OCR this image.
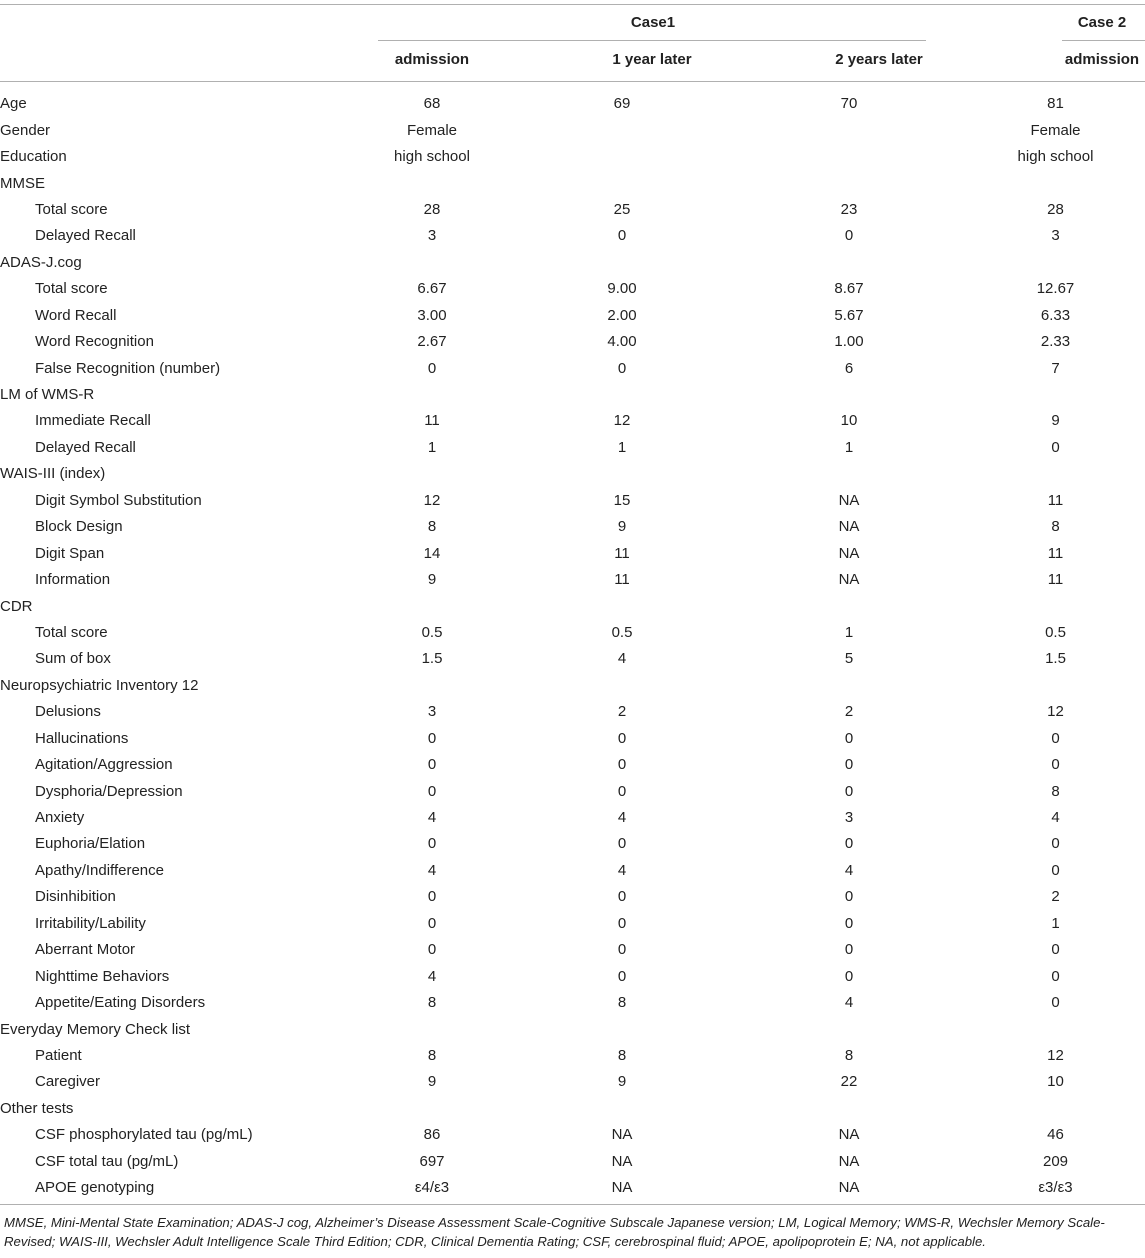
Case1	Case 2
admission	1 year later	2 years later	admission
Age	68	69	70	81
Gender	Female			Female
Education	high school			high school
MMSE				
Total score	28	25	23	28
Delayed Recall	3	0	0	3
ADAS-J.cog				
Total score	6.67	9.00	8.67	12.67
Word Recall	3.00	2.00	5.67	6.33
Word Recognition	2.67	4.00	1.00	2.33
False Recognition (number)	0	0	6	7
LM of WMS-R				
Immediate Recall	11	12	10	9
Delayed Recall	1	1	1	0
WAIS-III (index)				
Digit Symbol Substitution	12	15	NA	11
Block Design	8	9	NA	8
Digit Span	14	11	NA	11
Information	9	11	NA	11
CDR				
Total score	0.5	0.5	1	0.5
Sum of box	1.5	4	5	1.5
Neuropsychiatric Inventory 12				
Delusions	3	2	2	12
Hallucinations	0	0	0	0
Agitation/Aggression	0	0	0	0
Dysphoria/Depression	0	0	0	8
Anxiety	4	4	3	4
Euphoria/Elation	0	0	0	0
Apathy/Indifference	4	4	4	0
Disinhibition	0	0	0	2
Irritability/Lability	0	0	0	1
Aberrant Motor	0	0	0	0
Nighttime Behaviors	4	0	0	0
Appetite/Eating Disorders	8	8	4	0
Everyday Memory Check list				
Patient	8	8	8	12
Caregiver	9	9	22	10
Other tests				
CSF phosphorylated tau (pg/mL)	86	NA	NA	46
CSF total tau (pg/mL)	697	NA	NA	209
APOE genotyping	ε4/ε3	NA	NA	ε3/ε3
MMSE, Mini-Mental State Examination; ADAS-J cog, Alzheimer’s Disease Assessment Scale-Cognitive Subscale Japanese version; LM, Logical Memory; WMS-R, Wechsler Memory Scale-Revised; WAIS-III, Wechsler Adult Intelligence Scale Third Edition; CDR, Clinical Dementia Rating; CSF, cerebrospinal fluid; APOE, apolipoprotein E; NA, not applicable.
